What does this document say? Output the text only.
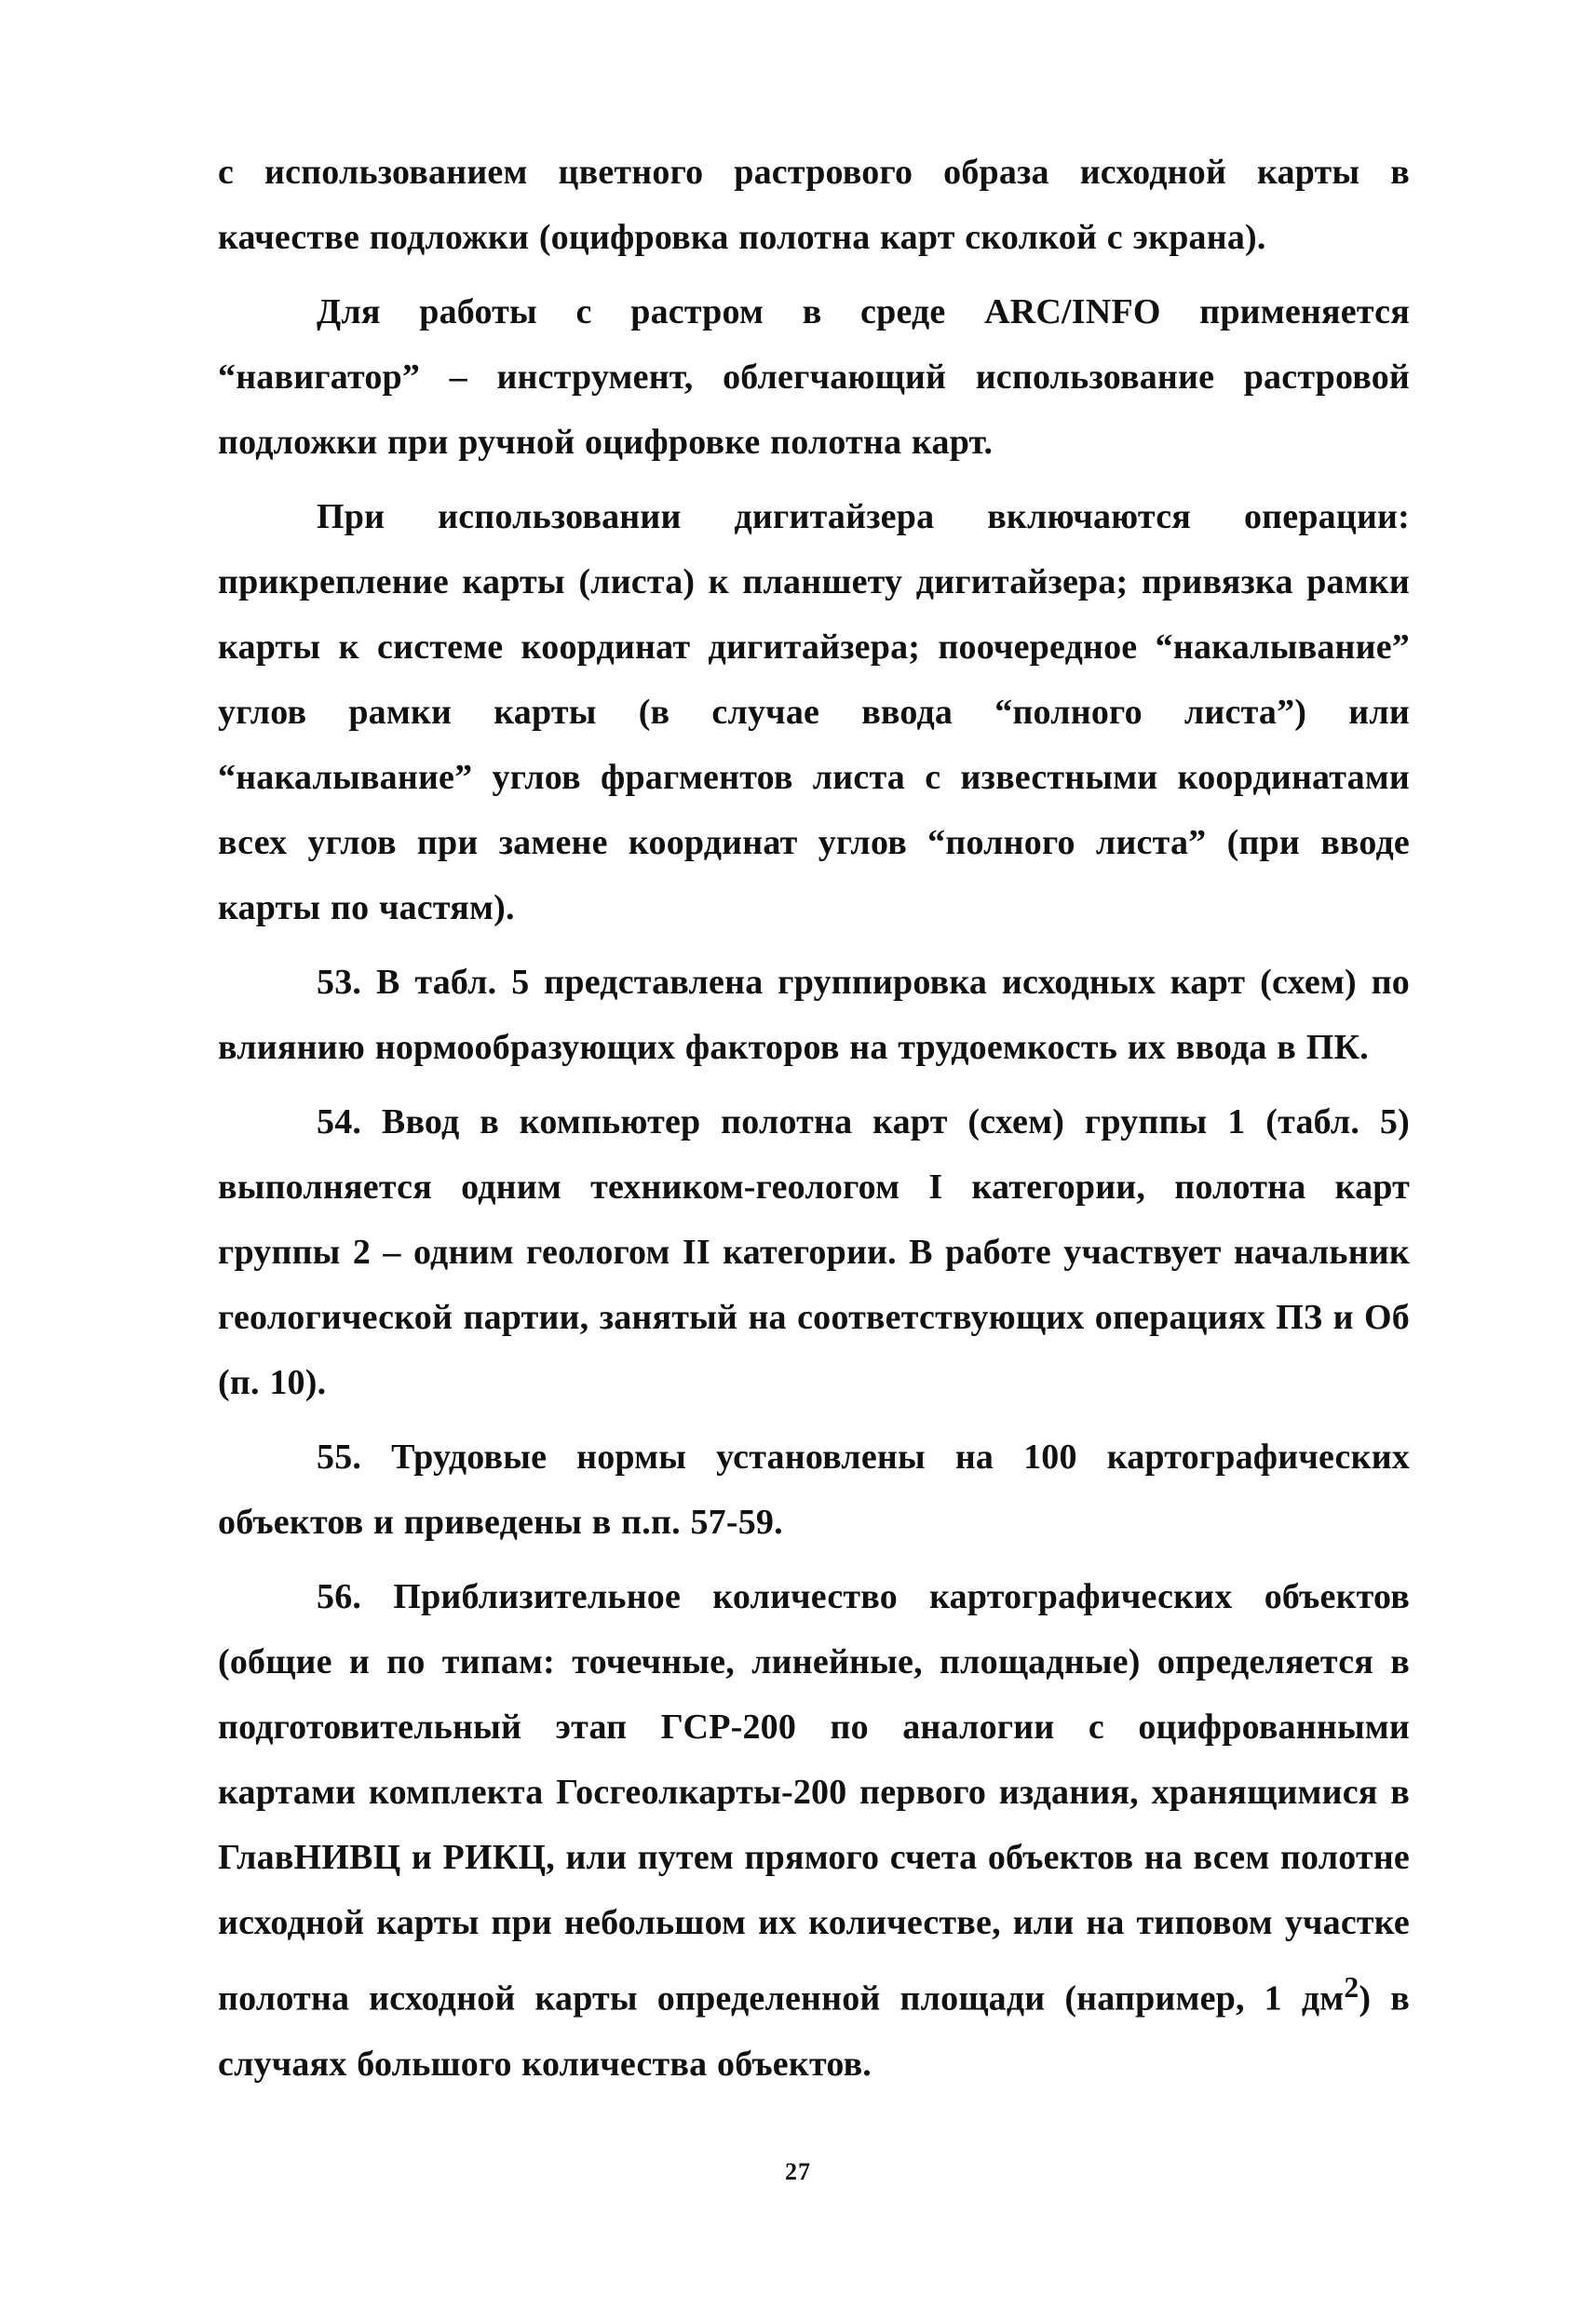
с использованием цветного растрового образа исходной карты в качестве подложки (оцифровка полотна карт сколкой с экрана).

Для работы с растром в среде ARC/INFO применяется “навигатор” – инструмент, облегчающий использование растровой подложки при ручной оцифровке полотна карт.

При использовании дигитайзера включаются операции: прикрепление карты (листа) к планшету дигитайзера; привязка рамки карты к системе координат дигитайзера; поочередное “накалывание” углов рамки карты (в случае ввода “полного листа”) или “накалывание” углов фрагментов листа с известными координатами всех углов при замене координат углов “полного листа” (при вводе карты по частям).

53. В табл. 5 представлена группировка исходных карт (схем) по влиянию нормообразующих факторов на трудоемкость их ввода в ПК.

54. Ввод в компьютер полотна карт (схем) группы 1 (табл. 5) выполняется одним техником-геологом I категории, полотна карт группы 2 – одним геологом II категории. В работе участвует начальник геологической партии, занятый на соответствующих операциях ПЗ и Об (п. 10).

55. Трудовые нормы установлены на 100 картографических объектов и приведены в п.п. 57-59.

56. Приблизительное количество картографических объектов (общие и по типам: точечные, линейные, площадные) определяется в подготовительный этап ГСР-200 по аналогии с оцифрованными картами комплекта Госгеолкарты-200 первого издания, хранящимися в ГлавНИВЦ и РИКЦ, или путем прямого счета объектов на всем полотне исходной карты при небольшом их количестве, или на типовом участке полотна исходной карты определенной площади (например, 1 $дм^2$) в случаях большого количества объектов.

27
